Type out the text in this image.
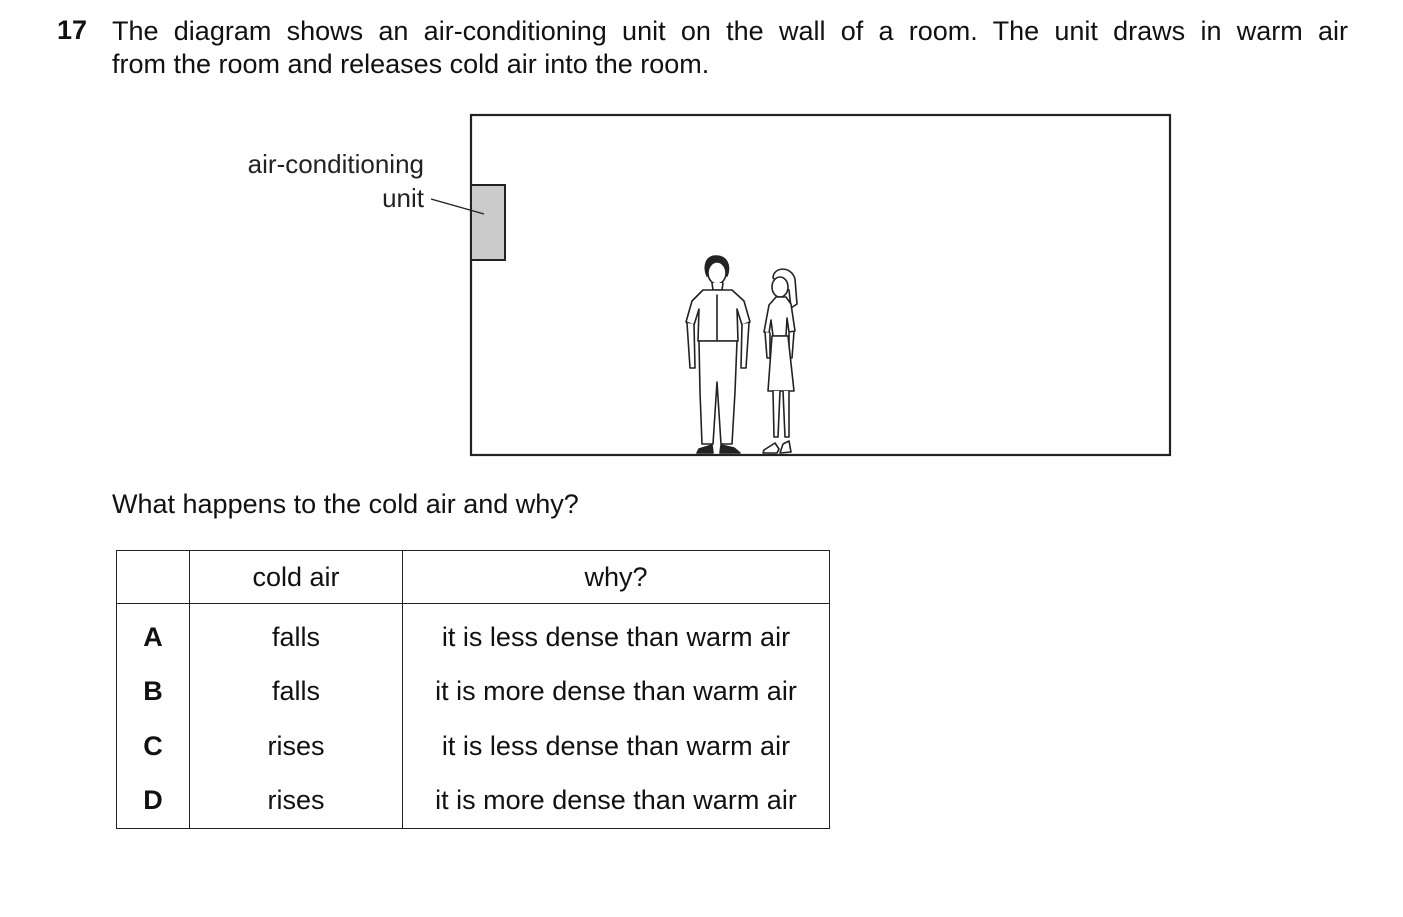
17 The diagram shows an air-conditioning unit on the wall of a room. The unit draws in warm air
from the room and releases cold air into the room.
air-conditioning
unit
What happens to the cold air and why?
	cold air	why?
A	falls	it is less dense than warm air
B	falls	it is more dense than warm air
C	rises	it is less dense than warm air
D	rises	it is more dense than warm air
